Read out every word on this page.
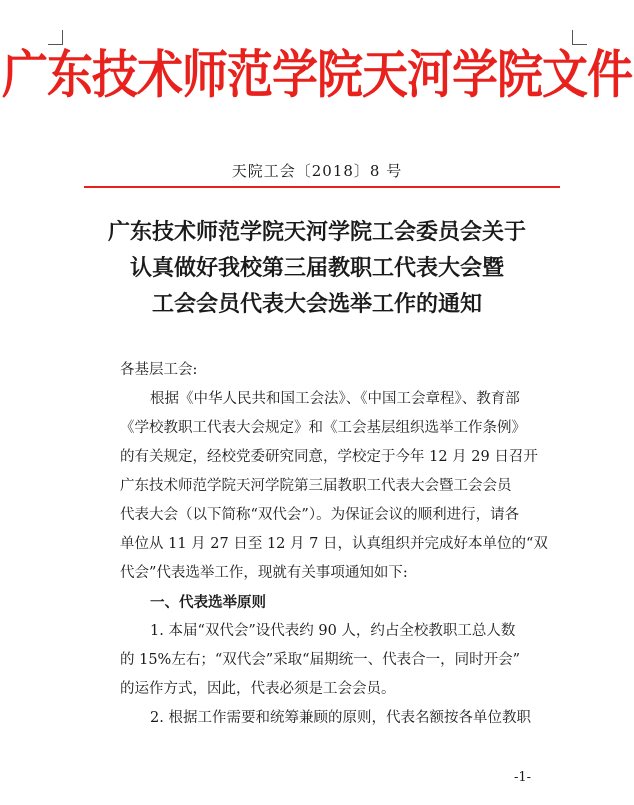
广东技术师范学院天河学院文件
天院工会〔2018〕8 号
广东技术师范学院天河学院工会委员会关于
认真做好我校第三届教职工代表大会暨
工会会员代表大会选举工作的通知
各基层工会:
根据《中华人民共和国工会法》、《中国工会章程》、教育部
《学校教职工代表大会规定》和《工会基层组织选举工作条例》
的有关规定，经校党委研究同意，学校定于今年 12 月 29 日召开
广东技术师范学院天河学院第三届教职工代表大会暨工会会员
代表大会（以下简称“双代会”）。为保证会议的顺利进行，请各
单位从 11 月 27 日至 12 月 7 日，认真组织并完成好本单位的“双
代会”代表选举工作，现就有关事项通知如下:
一、代表选举原则
1. 本届“双代会”设代表约 90 人，约占全校教职工总人数
的 15%左右；“双代会”采取“届期统一、代表合一，同时开会”
的运作方式，因此，代表必须是工会会员。
2. 根据工作需要和统筹兼顾的原则，代表名额按各单位教职
-1-
